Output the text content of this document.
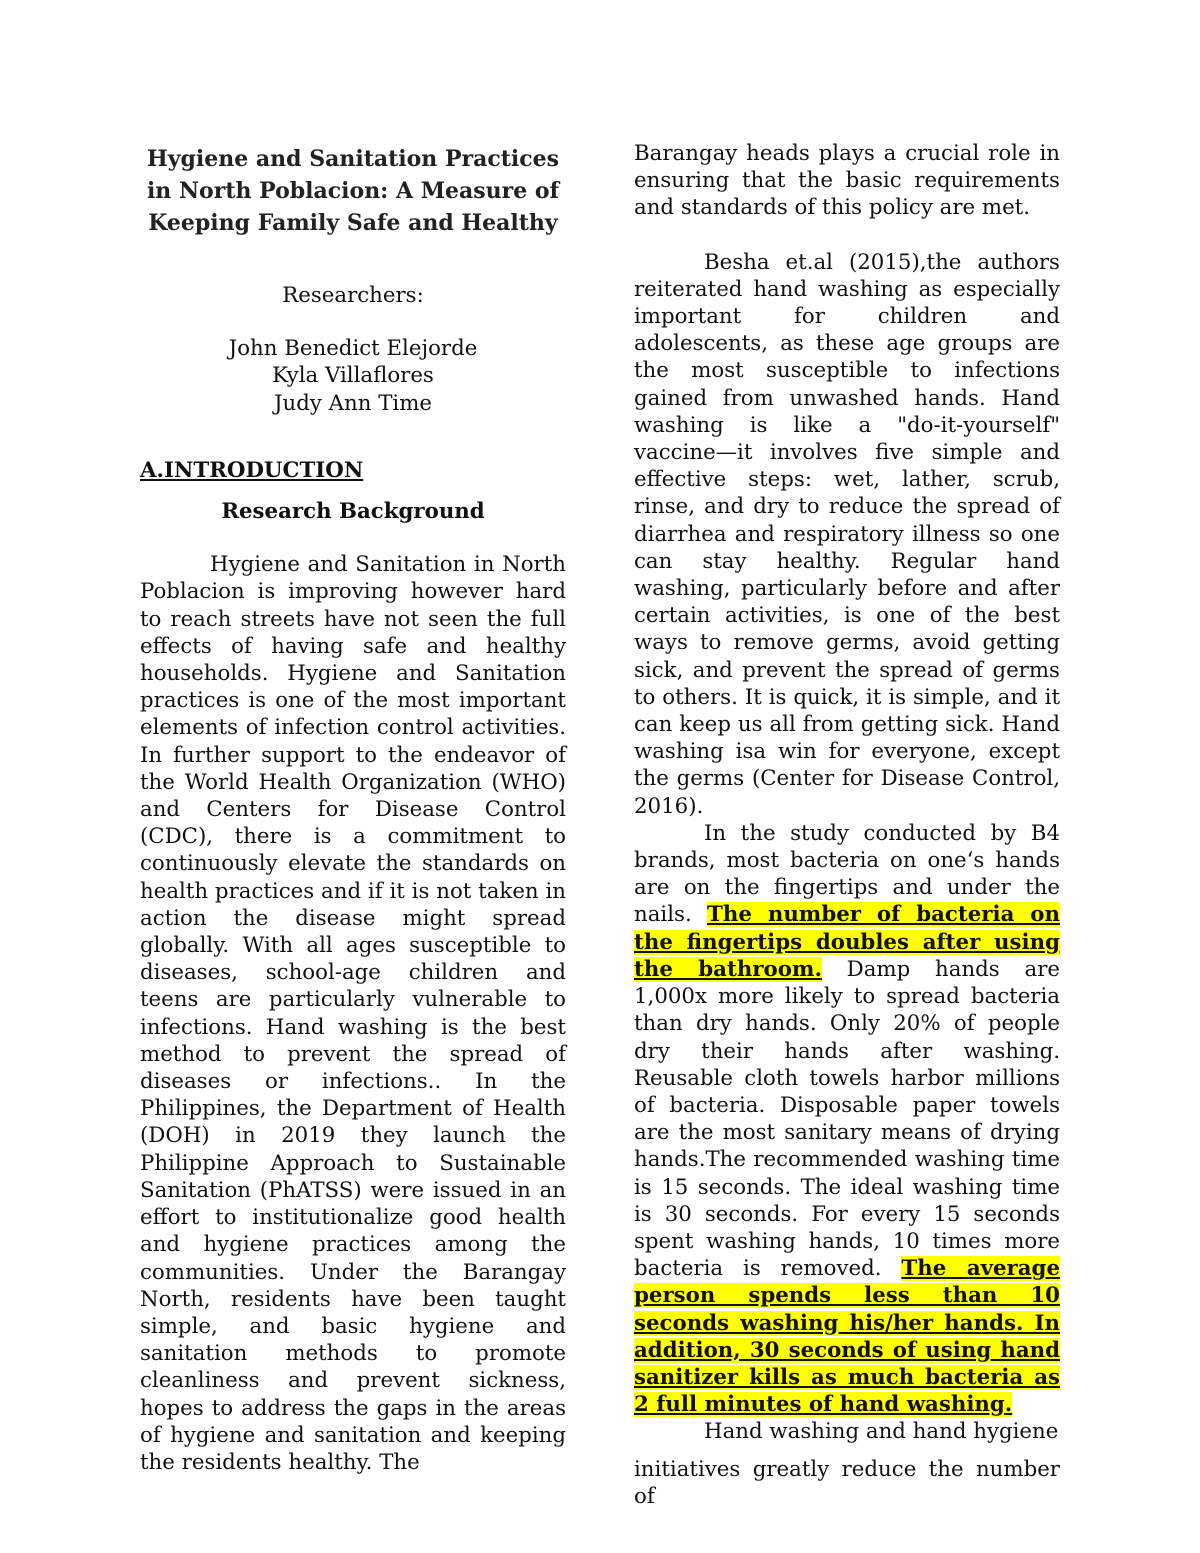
Hygiene and Sanitation Practices in North Poblacion: A Measure of Keeping Family Safe and Healthy
Researchers:
John Benedict Elejorde
Kyla Villaflores
Judy Ann Time
A.INTRODUCTION
Research Background

Hygiene and Sanitation in North Poblacion is improving however hard to reach streets have not seen the full effects of having safe and healthy households. Hygiene and Sanitation practices is one of the most important elements of infection control activities. In further support to the endeavor of the World Health Organization (WHO) and Centers for Disease Control (CDC), there is a commitment to continuously elevate the standards on health practices and if it is not taken in action the disease might spread globally. With all ages susceptible to diseases, school-age children and teens are particularly vulnerable to infections. Hand washing is the best method to prevent the spread of diseases or infections.. In the Philippines, the Department of Health (DOH) in 2019 they launch the Philippine Approach to Sustainable Sanitation (PhATSS) were issued in an effort to institutionalize good health and hygiene practices among the communities. Under the Barangay North, residents have been taught simple, and basic hygiene and sanitation methods to promote cleanliness and prevent sickness, hopes to address the gaps in the areas of hygiene and sanitation and keeping the residents healthy. The

Barangay heads plays a crucial role in ensuring that the basic requirements and standards of this policy are met.

Besha et.al (2015),the authors reiterated hand washing as especially important for children and adolescents, as these age groups are the most susceptible to infections gained from unwashed hands. Hand washing is like a "do-it-yourself" vaccine—it involves five simple and effective steps: wet, lather, scrub, rinse, and dry to reduce the spread of diarrhea and respiratory illness so one can stay healthy. Regular hand washing, particularly before and after certain activities, is one of the best ways to remove germs, avoid getting sick, and prevent the spread of germs to others. It is quick, it is simple, and it can keep us all from getting sick. Hand washing isa win for everyone, except the germs (Center for Disease Control, 2016).

In the study conducted by B4 brands, most bacteria on one‘s hands are on the fingertips and under the nails. The number of bacteria on the fingertips doubles after using the bathroom. Damp hands are 1,000x more likely to spread bacteria than dry hands. Only 20% of people dry their hands after washing. Reusable cloth towels harbor millions of bacteria. Disposable paper towels are the most sanitary means of drying hands.The recommended washing time is 15 seconds. The ideal washing time is 30 seconds. For every 15 seconds spent washing hands, 10 times more bacteria is removed. The average person spends less than 10 seconds washing his/her hands. In addition, 30 seconds of using hand sanitizer kills as much bacteria as 2 full minutes of hand washing.

Hand washing and hand hygiene

initiatives greatly reduce the number of
